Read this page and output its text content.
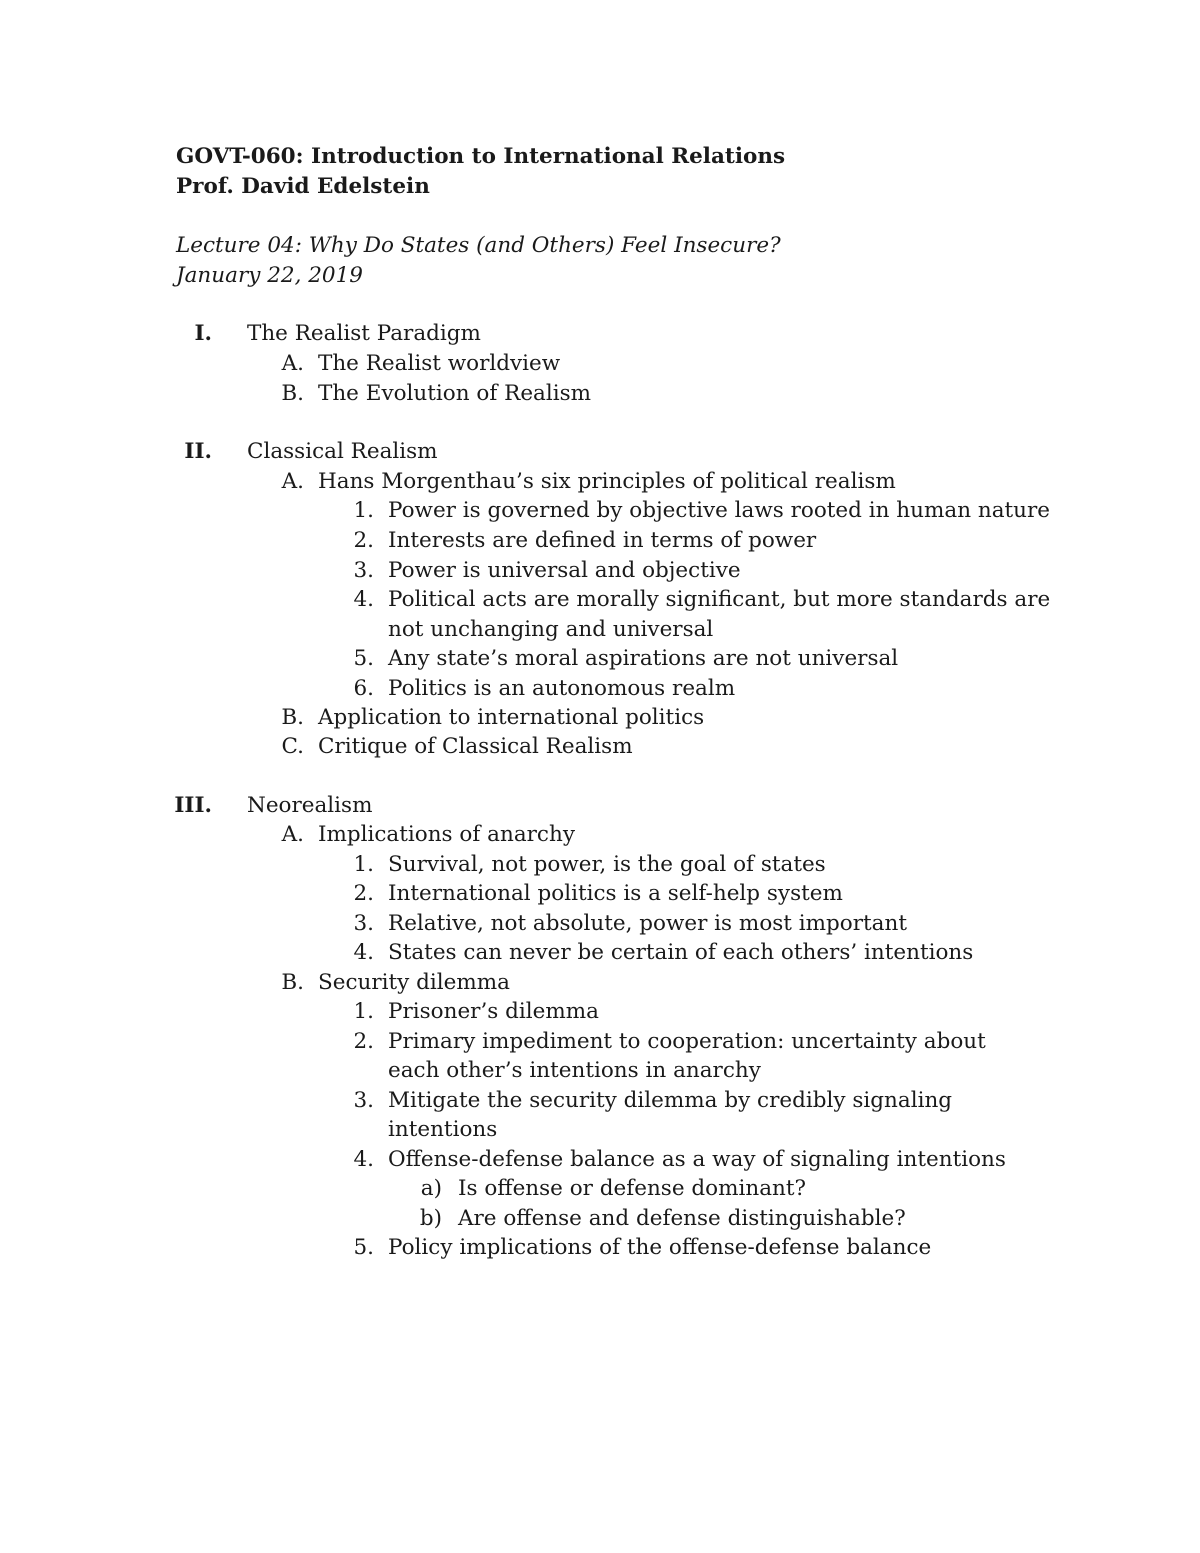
GOVT-060: Introduction to International Relations
Prof. David Edelstein
Lecture 04: Why Do States (and Others) Feel Insecure?
January 22, 2019
I. The Realist Paradigm
A. The Realist worldview
B. The Evolution of Realism
II. Classical Realism
A. Hans Morgenthau’s six principles of political realism
1. Power is governed by objective laws rooted in human nature
2. Interests are defined in terms of power
3. Power is universal and objective
4. Political acts are morally significant, but more standards are
not unchanging and universal
5. Any state’s moral aspirations are not universal
6. Politics is an autonomous realm
B. Application to international politics
C. Critique of Classical Realism
III. Neorealism
A. Implications of anarchy
1. Survival, not power, is the goal of states
2. International politics is a self-help system
3. Relative, not absolute, power is most important
4. States can never be certain of each others’ intentions
B. Security dilemma
1. Prisoner’s dilemma
2. Primary impediment to cooperation: uncertainty about
each other’s intentions in anarchy
3. Mitigate the security dilemma by credibly signaling
intentions
4. Offense-defense balance as a way of signaling intentions
a) Is offense or defense dominant?
b) Are offense and defense distinguishable?
5. Policy implications of the offense-defense balance
